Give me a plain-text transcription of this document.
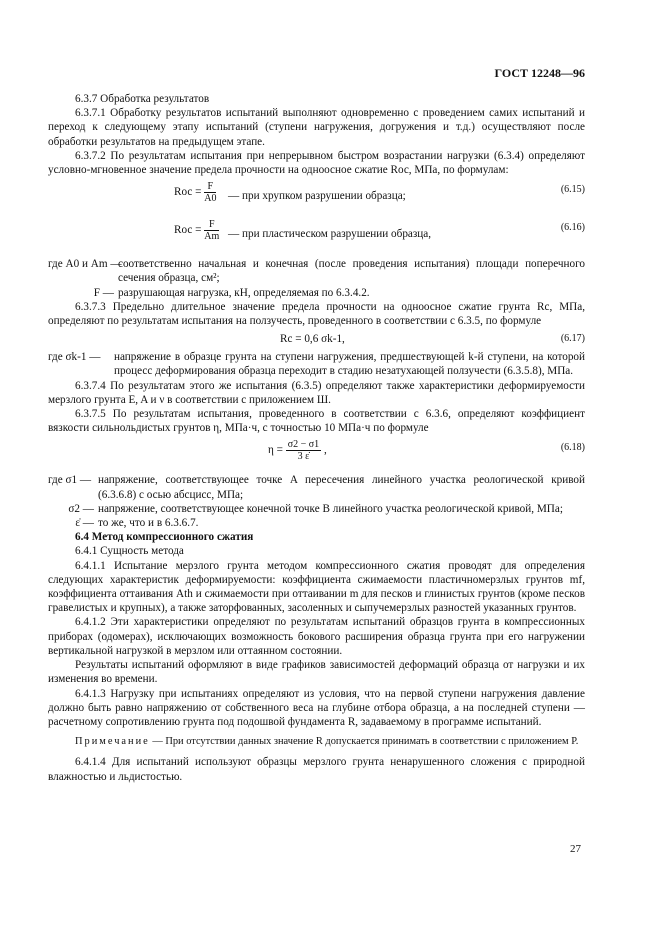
ГОСТ 12248—96

6.3.7 Обработка результатов

6.3.7.1 Обработку результатов испытаний выполняют одновременно с проведением самих испытаний и переход к следующему этапу испытаний (ступени нагружения, догружения и т.д.) осуществляют после обработки результатов на предыдущем этапе.

6.3.7.2 По результатам испытания при непрерывном быстром возрастании нагрузки (6.3.4) определяют условно-мгновенное значение предела прочности на одноосное сжатие Rос, МПа, по формулам:

Rос = $\frac{F}{A0}$ — при хрупком разрушении образца;
(6.15)
Rос = $\frac{F}{Am}$ — при пластическом разрушении образца,
(6.16)
где A0 и Am —
соответственно начальная и конечная (после проведения испытания) площади поперечного сечения образца, см²;
F — разрушающая нагрузка, кН, определяемая по 6.3.4.2.

6.3.7.3 Предельно длительное значение предела прочности на одноосное сжатие грунта Rс, МПа, определяют по результатам испытания на ползучесть, проведенного в соответствии с 6.3.5, по формуле

Rс = 0,6 σk-1,	(6.17)
где σk-1 —	напряжение в образце грунта на ступени нагружения, предшествующей k-й ступени, на которой процесс деформирования образца переходит в стадию незатухающей ползучести (6.3.5.8), МПа.

6.3.7.4 По результатам этого же испытания (6.3.5) определяют также характеристики деформируемости мерзлого грунта E, A и ν в соответствии с приложением Ш.

6.3.7.5 По результатам испытания, проведенного в соответствии с 6.3.6, определяют коэффициент вязкости сильнольдистых грунтов η, МПа·ч, с точностью 10 МПа·ч по формуле

$\eta = \frac{\sigma 2 - \sigma 1}{3 \varepsiloṅ}$ ,	(6.18)
где σ1 — напряжение, соответствующее точке A пересечения линейного участка реологической кривой (6.3.6.8) с осью абсцисс, МПа;
σ2 — напряжение, соответствующее конечной точке B линейного участка реологической кривой, МПа;
ε̇ — то же, что и в 6.3.6.7.

6.4 Метод компрессионного сжатия

6.4.1 Сущность метода

6.4.1.1 Испытание мерзлого грунта методом компрессионного сжатия проводят для определения следующих характеристик деформируемости: коэффициента сжимаемости пластичномерзлых грунтов mf, коэффициента оттаивания Ath и сжимаемости при оттаивании m для песков и глинистых грунтов (кроме песков гравелистых и крупных), а также заторфованных, засоленных и сыпучемерзлых разностей указанных грунтов.

6.4.1.2 Эти характеристики определяют по результатам испытаний образцов грунта в компрессионных приборах (одомерах), исключающих возможность бокового расширения образца грунта при его нагружении вертикальной нагрузкой в мерзлом или оттаянном состоянии.

Результаты испытаний оформляют в виде графиков зависимостей деформаций образца от нагрузки и их изменения во времени.

6.4.1.3 Нагрузку при испытаниях определяют из условия, что на первой ступени нагружения давление должно быть равно напряжению от собственного веса на глубине отбора образца, а на последней ступени — расчетному сопротивлению грунта под подошвой фундамента R, задаваемому в программе испытаний.

Примечание — При отсутствии данных значение R допускается принимать в соответствии с приложением Р.

6.4.1.4 Для испытаний используют образцы мерзлого грунта ненарушенного сложения с природной влажностью и льдистостью.

27
